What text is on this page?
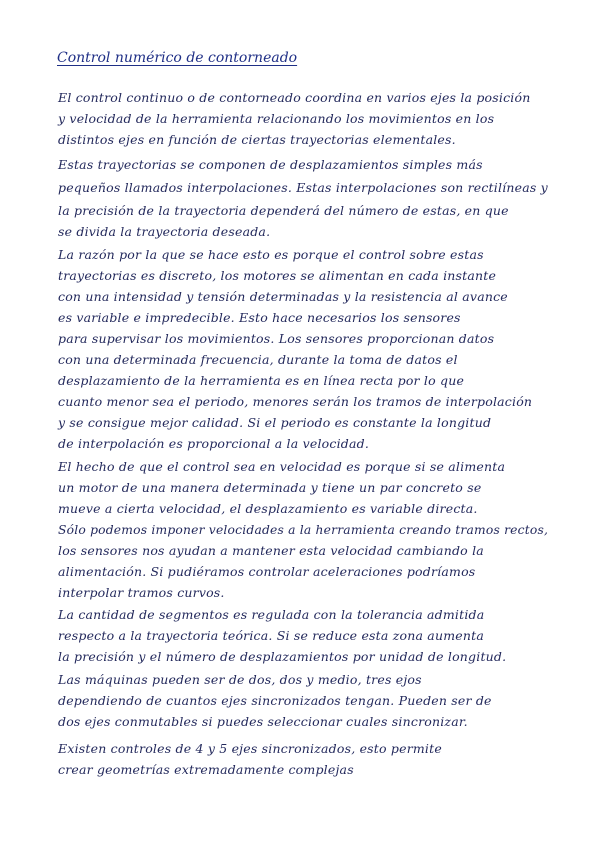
Control numérico de contorneado
El control continuo o de contorneado coordina en varios ejes la posición
y velocidad de la herramienta relacionando los movimientos en los
distintos ejes en función de ciertas trayectorias elementales.
Estas trayectorias se componen de desplazamientos simples más
pequeños llamados interpolaciones. Estas interpolaciones son rectilíneas y
la precisión de la trayectoria dependerá del número de estas, en que
se divida la trayectoria deseada.
La razón por la que se hace esto es porque el control sobre estas
trayectorias es discreto, los motores se alimentan en cada instante
con una intensidad y tensión determinadas y la resistencia al avance
es variable e impredecible. Esto hace necesarios los sensores
para supervisar los movimientos. Los sensores proporcionan datos
con una determinada frecuencia, durante la toma de datos el
desplazamiento de la herramienta es en línea recta por lo que
cuanto menor sea el periodo, menores serán los tramos de interpolación
y se consigue mejor calidad. Si el periodo es constante la longitud
de interpolación es proporcional a la velocidad.
El hecho de que el control sea en velocidad es porque si se alimenta
un motor de una manera determinada y tiene un par concreto se
mueve a cierta velocidad, el desplazamiento es variable directa.
Sólo podemos imponer velocidades a la herramienta creando tramos rectos,
los sensores nos ayudan a mantener esta velocidad cambiando la
alimentación. Si pudiéramos controlar aceleraciones podríamos
interpolar tramos curvos.
La cantidad de segmentos es regulada con la tolerancia admitida
respecto a la trayectoria teórica. Si se reduce esta zona aumenta
la precisión y el número de desplazamientos por unidad de longitud.
Las máquinas pueden ser de dos, dos y medio, tres ejos
dependiendo de cuantos ejes sincronizados tengan. Pueden ser de
dos ejes conmutables si puedes seleccionar cuales sincronizar.
Existen controles de 4 y 5 ejes sincronizados, esto permite
crear geometrías extremadamente complejas
